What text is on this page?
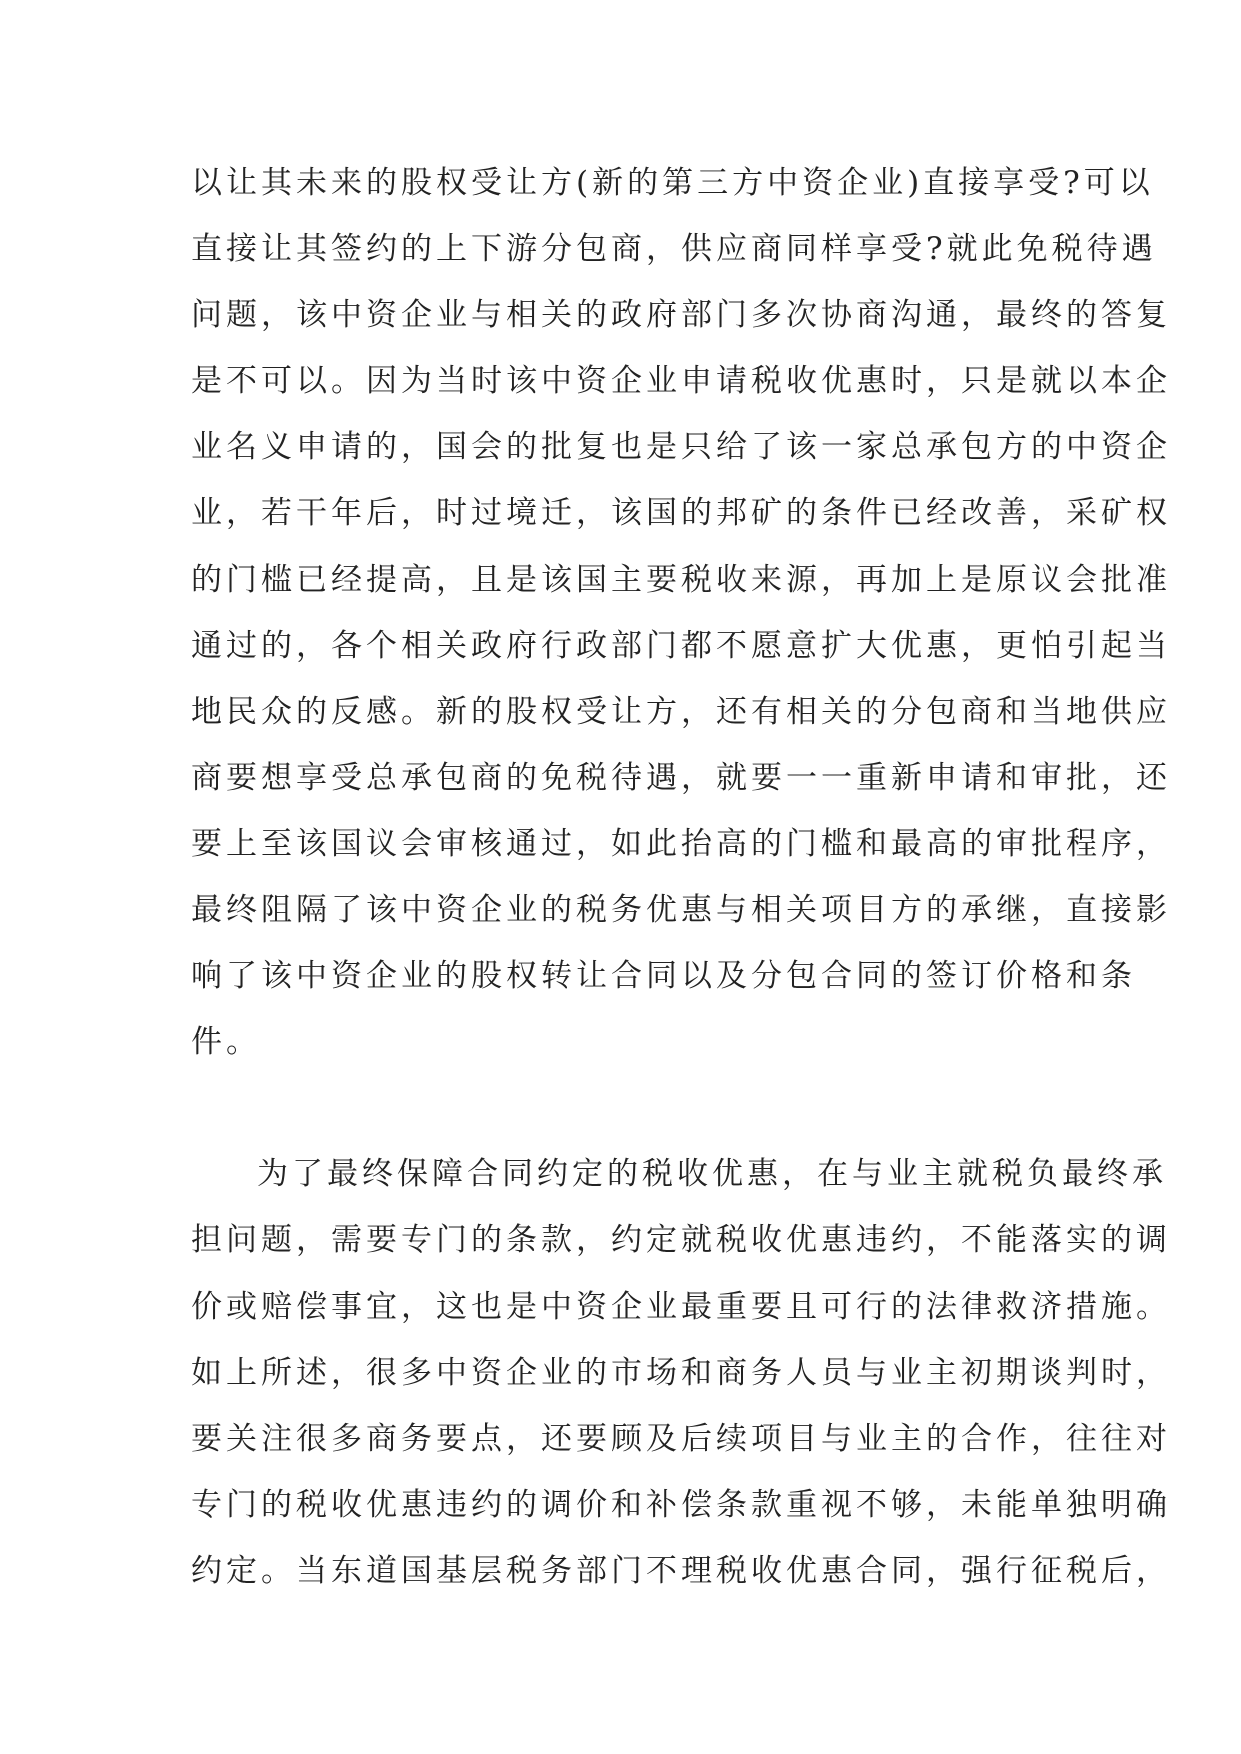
以让其未来的股权受让方(新的第三方中资企业)直接享受?可以
直接让其签约的上下游分包商，供应商同样享受?就此免税待遇
问题，该中资企业与相关的政府部门多次协商沟通，最终的答复
是不可以。因为当时该中资企业申请税收优惠时，只是就以本企
业名义申请的，国会的批复也是只给了该一家总承包方的中资企
业，若干年后，时过境迁，该国的邦矿的条件已经改善，采矿权
的门槛已经提高，且是该国主要税收来源，再加上是原议会批准
通过的，各个相关政府行政部门都不愿意扩大优惠，更怕引起当
地民众的反感。新的股权受让方，还有相关的分包商和当地供应
商要想享受总承包商的免税待遇，就要一一重新申请和审批，还
要上至该国议会审核通过，如此抬高的门槛和最高的审批程序，
最终阻隔了该中资企业的税务优惠与相关项目方的承继，直接影
响了该中资企业的股权转让合同以及分包合同的签订价格和条
件。
为了最终保障合同约定的税收优惠，在与业主就税负最终承
担问题，需要专门的条款，约定就税收优惠违约，不能落实的调
价或赔偿事宜，这也是中资企业最重要且可行的法律救济措施。
如上所述，很多中资企业的市场和商务人员与业主初期谈判时，
要关注很多商务要点，还要顾及后续项目与业主的合作，往往对
专门的税收优惠违约的调价和补偿条款重视不够，未能单独明确
约定。当东道国基层税务部门不理税收优惠合同，强行征税后，
